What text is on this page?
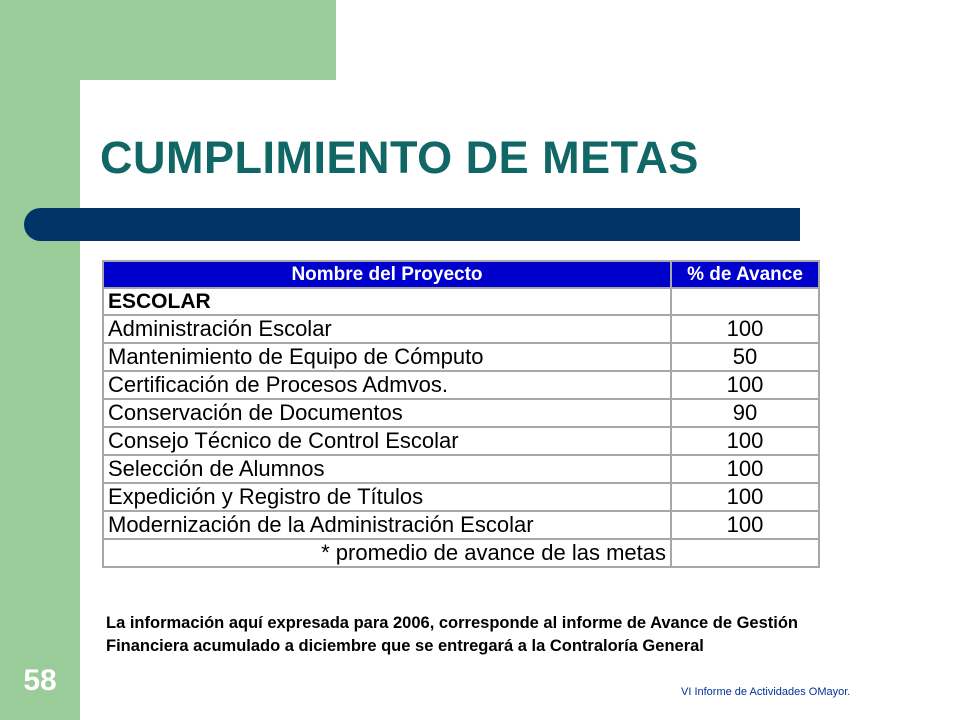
CUMPLIMIENTO DE METAS
Nombre del Proyecto	% de Avance
ESCOLAR	
Administración Escolar	100
Mantenimiento de Equipo de Cómputo	50
Certificación de Procesos Admvos.	100
Conservación de Documentos	90
Consejo Técnico de Control Escolar	100
Selección de Alumnos	100
Expedición y Registro de Títulos	100
Modernización de la Administración Escolar	100
* promedio de avance de las metas	
La información aquí expresada para 2006, corresponde al informe de Avance de Gestión Financiera acumulado a diciembre que se entregará a la Contraloría General
58	VI Informe de Actividades OMayor.
